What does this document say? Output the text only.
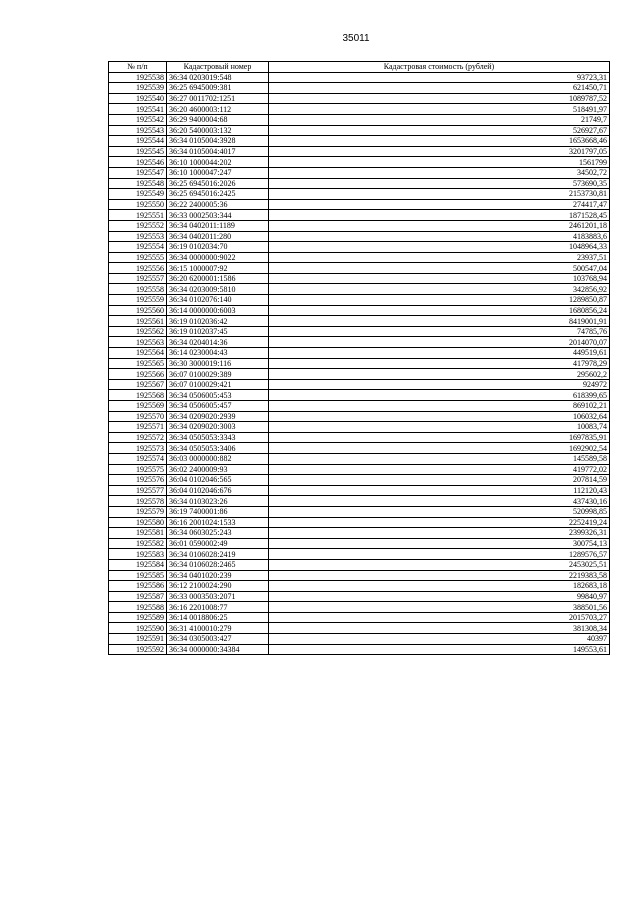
35011
№ п/п	Кадастровый номер	Кадастровая стоимость (рублей)
1925538	36:34 0203019:548	93723,31
1925539	36:25 6945009:381	621450,71
1925540	36:27 0011702:1251	1089787,52
1925541	36:20 4600003:112	518491,97
1925542	36:29 9400004:68	21749,7
1925543	36:20 5400003:132	526927,67
1925544	36:34 0105004:3928	1653668,46
1925545	36:34 0105004:4017	3201797,05
1925546	36:10 1000044:202	1561799
1925547	36:10 1000047:247	34502,72
1925548	36:25 6945016:2026	573690,35
1925549	36:25 6945016:2425	2153730,81
1925550	36:22 2400005:36	274417,47
1925551	36:33 0002503:344	1871528,45
1925552	36:34 0402011:1189	2461201,18
1925553	36:34 0402011:280	4183883,6
1925554	36:19 0102034:70	1048964,33
1925555	36:34 0000000:9022	23937,51
1925556	36:15 1000007:92	500547,04
1925557	36:20 6200001:1586	103768,94
1925558	36:34 0203009:5810	342856,92
1925559	36:34 0102076:140	1289850,87
1925560	36:14 0000000:6003	1680856,24
1925561	36:19 0102036:42	8419001,91
1925562	36:19 0102037:45	74785,76
1925563	36:34 0204014:36	2014070,07
1925564	36:14 0230004:43	449519,61
1925565	36:30 3000019:116	417978,29
1925566	36:07 0100029:389	295602,2
1925567	36:07 0100029:421	924972
1925568	36:34 0506005:453	618399,65
1925569	36:34 0506005:457	869102,21
1925570	36:34 0209020:2939	106032,64
1925571	36:34 0209020:3003	10083,74
1925572	36:34 0505053:3343	1697835,91
1925573	36:34 0505053:3406	1692902,54
1925574	36:03 0000000:882	145589,58
1925575	36:02 2400009:93	419772,02
1925576	36:04 0102046:565	207814,59
1925577	36:04 0102046:676	112120,43
1925578	36:34 0103023:26	437430,16
1925579	36:19 7400001:86	520998,85
1925580	36:16 2001024:1533	2252419,24
1925581	36:34 0603025:243	2399326,31
1925582	36:01 0590002:49	300754,13
1925583	36:34 0106028:2419	1289576,57
1925584	36:34 0106028:2465	2453025,51
1925585	36:34 0401020:239	2219383,58
1925586	36:12 2100024:290	182683,18
1925587	36:33 0003503:2071	99840,97
1925588	36:16 2201008:77	388501,56
1925589	36:14 0018806:25	2015703,27
1925590	36:31 4100010:279	381308,34
1925591	36:34 0305003:427	40397
1925592	36:34 0000000:34384	149553,61
